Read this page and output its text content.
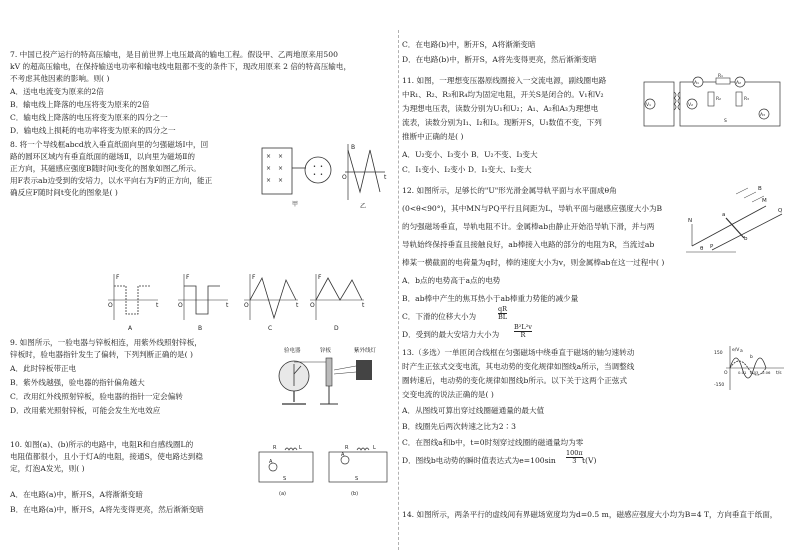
7. 中国已投产运行的特高压输电，是目前世界上电压最高的输电工程。假设甲、乙两地原来用500
kV 的超高压输电，在保持输送电功率和输电线电阻都不变的条件下，现改用原来 2 倍的特高压输电，
不考虑其他因素的影响。则( )
A．送电电流变为原来的2倍
B．输电线上降落的电压将变为原来的2倍
C．输电线上降落的电压将变为原来的四分之一
D．输电线上损耗的电功率将变为原来的四分之一
8. 将一个导线框abcd放入垂直纸面向里的匀强磁场Ⅰ中，回
路的圆环区域内有垂直纸面的磁场Ⅱ，以向里为磁场Ⅱ的
正方向，其磁感应强度B随时间t变化的图象如图乙所示。
用F表示ab边受到的安培力，以水平向右为F的正方向，能正
确反应F随时间t变化的图象是( )
× ×
× ×
× ×
• •
• •
甲
B
t
O
乙
F
O	t
A
F
O	t
B
F
O	t
C
F
O	t
D
9. 如图所示，一验电器与锌板相连，用紫外线照射锌板，
锌板时，验电器指针发生了偏转，下列判断正确的是( )
A．此时锌板带正电
B．紫外线越强，验电器的指针偏角越大
C．改用红外线照射锌板，验电器的指针一定会偏转
D．改用紫光照射锌板，可能会发生光电效应
验电器	锌板	紫外线灯
10. 如图(a)、(b)所示的电路中，电阻R和自感线圈L的
电阻值都很小，且小于灯A的电阻，接通S，使电路达到稳
定，灯泡A发光，则( )
A．在电路(a)中，断开S，A将渐渐变暗
B．在电路(a)中，断开S，A将先变得更亮，然后渐渐变暗
R	L
A
S
(a)
R	L
A
S
(b)
C．在电路(b)中，断开S，A将渐渐变暗
D．在电路(b)中，断开S，A将先变得更亮，然后渐渐变暗
11. 如图，一理想变压器原线圈接入一交流电源，副线圈电路
中R₁、R₂、R₃和R₄均为固定电阻，开关S是闭合的。V₁和V₂
为理想电压表，读数分别为U₁和U₂；A₁、A₂和A₃为理想电
流表，读数分别为I₁、I₂和I₃。现断开S，U₁数值不变，下列
推断中正确的是( )
A．U₂变小、I₃变小 B．U₂不变、I₃变大
C．I₁变小、I₂变小 D．I₁变大、I₂变大
V₁
A₁
V₂
R₁
A₂
R₂	R₃
A₃
S
12. 如图所示，足够长的"U"形光滑金属导轨平面与水平面成θ角
(0<θ<90°)，其中MN与PQ平行且间距为L，导轨平面与磁感应强度大小为B
的匀强磁场垂直，导轨电阻不计。金属棒ab由静止开始沿导轨下滑，并与两
导轨始终保持垂直且接触良好，ab棒接入电路的部分的电阻为R，当流过ab
棒某一横截面的电荷量为q时，棒的速度大小为v，则金属棒ab在这一过程中( )
A．b点的电势高于a点的电势
B．ab棒中产生的焦耳热小于ab棒重力势能的减少量
C．下滑的位移大小为	$\frac{qR}{BL}$
D．受到的最大安培力大小为 $\frac{\text{B²L²v}}{R}$
M
Q
N
P
a
b
B
θ
13.（多选）一单匝闭合线框在匀强磁场中绕垂直于磁场的轴匀速转动
时产生正弦式交变电流，其电动势的变化规律如图线a所示，当调整线
圈转速后，电动势的变化规律如图线b所示。以下关于这两个正弦式
交变电流的说法正确的是( )
A．从图线可算出穿过线圈磁通量的最大值
B．线圈先后两次转速之比为2∶3
C．在图线a和b中，t=0时刻穿过线圈的磁通量均为零
D．图线b电动势的瞬时值表达式为$e=100\sin \frac{100\pi}{3} t(V)$
e/V
150
-150
O	t/s
0.01 0.03 0.06
a
b
14. 如图所示，两条平行的虚线间有界磁场宽度均为d=0.5 m，磁感应强度大小均为B=4 T，方向垂直于纸面，
